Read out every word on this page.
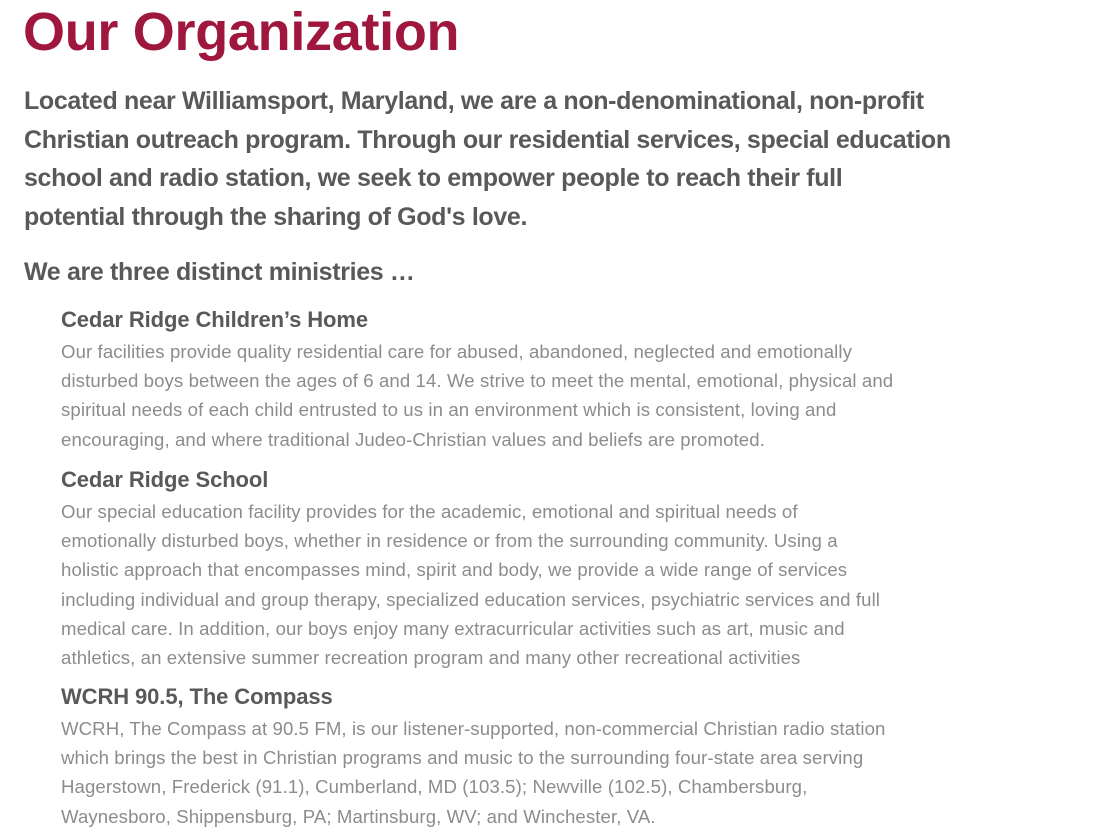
Our Organization

Located near Williamsport, Maryland, we are a non-denominational, non-profit
Christian outreach program. Through our residential services, special education
school and radio station, we seek to empower people to reach their full
potential through the sharing of God's love.

We are three distinct ministries …
Cedar Ridge Children’s Home

Our facilities provide quality residential care for abused, abandoned, neglected and emotionally
disturbed boys between the ages of 6 and 14. We strive to meet the mental, emotional, physical and
spiritual needs of each child entrusted to us in an environment which is consistent, loving and
encouraging, and where traditional Judeo-Christian values and beliefs are promoted.

Cedar Ridge School

Our special education facility provides for the academic, emotional and spiritual needs of
emotionally disturbed boys, whether in residence or from the surrounding community. Using a
holistic approach that encompasses mind, spirit and body, we provide a wide range of services
including individual and group therapy, specialized education services, psychiatric services and full
medical care. In addition, our boys enjoy many extracurricular activities such as art, music and
athletics, an extensive summer recreation program and many other recreational activities

WCRH 90.5, The Compass

WCRH, The Compass at 90.5 FM, is our listener-supported, non-commercial Christian radio station
which brings the best in Christian programs and music to the surrounding four-state area serving
Hagerstown, Frederick (91.1), Cumberland, MD (103.5); Newville (102.5), Chambersburg,
Waynesboro, Shippensburg, PA; Martinsburg, WV; and Winchester, VA.
